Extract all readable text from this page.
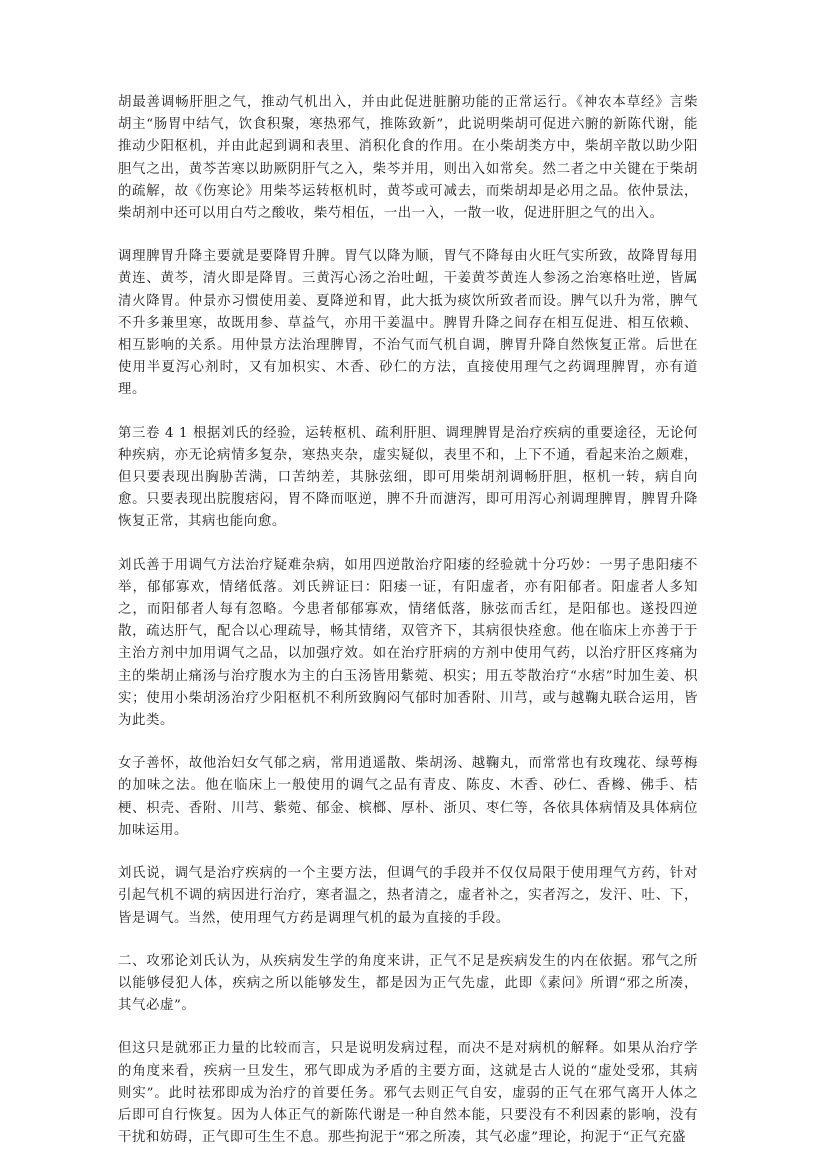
胡最善调畅肝胆之气，推动气机出入，并由此促进脏腑功能的正常运行。《神农本草经》言柴胡主“肠胃中结气，饮食积聚，寒热邪气，推陈致新”，此说明柴胡可促进六腑的新陈代谢，能推动少阳枢机，并由此起到调和表里、消积化食的作用。在小柴胡类方中，柴胡辛散以助少阳胆气之出，黄芩苦寒以助厥阴肝气之入，柴芩并用，则出入如常矣。然二者之中关键在于柴胡的疏解，故《伤寒论》用柴芩运转枢机时，黄芩或可减去，而柴胡却是必用之品。依仲景法，柴胡剂中还可以用白芍之酸收，柴芍相伍，一出一入，一散一收，促进肝胆之气的出入。

调理脾胃升降主要就是要降胃升脾。胃气以降为顺，胃气不降每由火旺气实所致，故降胃每用黄连、黄芩，清火即是降胃。三黄泻心汤之治吐衄，干姜黄芩黄连人参汤之治寒格吐逆，皆属清火降胃。仲景亦习惯使用姜、夏降逆和胃，此大抵为痰饮所致者而设。脾气以升为常，脾气不升多兼里寒，故既用参、草益气，亦用干姜温中。脾胃升降之间存在相互促进、相互依赖、相互影响的关系。用仲景方法治理脾胃，不治气而气机自调，脾胃升降自然恢复正常。后世在使用半夏泻心剂时，又有加枳实、木香、砂仁的方法，直接使用理气之药调理脾胃，亦有道理。

第三卷 4 1 根据刘氏的经验，运转枢机、疏利肝胆、调理脾胃是治疗疾病的重要途径，无论何种疾病，亦无论病情多复杂，寒热夹杂，虚实疑似，表里不和，上下不通，看起来治之颇难，但只要表现出胸胁苦满，口苦纳差，其脉弦细，即可用柴胡剂调畅肝胆，枢机一转，病自向愈。只要表现出脘腹痞闷，胃不降而呕逆，脾不升而溏泻，即可用泻心剂调理脾胃，脾胃升降恢复正常，其病也能向愈。

刘氏善于用调气方法治疗疑难杂病，如用四逆散治疗阳痿的经验就十分巧妙：一男子患阳痿不举，郁郁寡欢，情绪低落。刘氏辨证曰：阳痿一证，有阳虚者，亦有阳郁者。阳虚者人多知之，而阳郁者人每有忽略。今患者郁郁寡欢，情绪低落，脉弦而舌红，是阳郁也。遂投四逆散，疏达肝气，配合以心理疏导，畅其情绪，双管齐下，其病很快痊愈。他在临床上亦善于于主治方剂中加用调气之品，以加强疗效。如在治疗肝病的方剂中使用气药，以治疗肝区疼痛为主的柴胡止痛汤与治疗腹水为主的白玉汤皆用紫菀、枳实；用五苓散治疗“水痞”时加生姜、枳实；使用小柴胡汤治疗少阳枢机不利所致胸闷气郁时加香附、川芎，或与越鞠丸联合运用，皆为此类。

女子善怀，故他治妇女气郁之病，常用逍遥散、柴胡汤、越鞠丸，而常常也有玫瑰花、绿萼梅的加味之法。他在临床上一般使用的调气之品有青皮、陈皮、木香、砂仁、香橼、佛手、桔梗、枳壳、香附、川芎、紫菀、郁金、槟榔、厚朴、浙贝、枣仁等，各依具体病情及具体病位加味运用。

刘氏说，调气是治疗疾病的一个主要方法，但调气的手段并不仅仅局限于使用理气方药，针对引起气机不调的病因进行治疗，寒者温之，热者清之，虚者补之，实者泻之，发汗、吐、下，皆是调气。当然，使用理气方药是调理气机的最为直接的手段。

二、攻邪论刘氏认为，从疾病发生学的角度来讲，正气不足是疾病发生的内在依据。邪气之所以能够侵犯人体，疾病之所以能够发生，都是因为正气先虚，此即《素问》所谓“邪之所凑，其气必虚”。

但这只是就邪正力量的比较而言，只是说明发病过程，而决不是对病机的解释。如果从治疗学的角度来看，疾病一旦发生，邪气即成为矛盾的主要方面，这就是古人说的“虚处受邪，其病则实”。此时祛邪即成为治疗的首要任务。邪气去则正气自安，虚弱的正气在邪气离开人体之后即可自行恢复。因为人体正气的新陈代谢是一种自然本能，只要没有不利因素的影响，没有干扰和妨碍，正气即可生生不息。那些拘泥于“邪之所凑，其气必虚”理论，拘泥于“正气充盛
